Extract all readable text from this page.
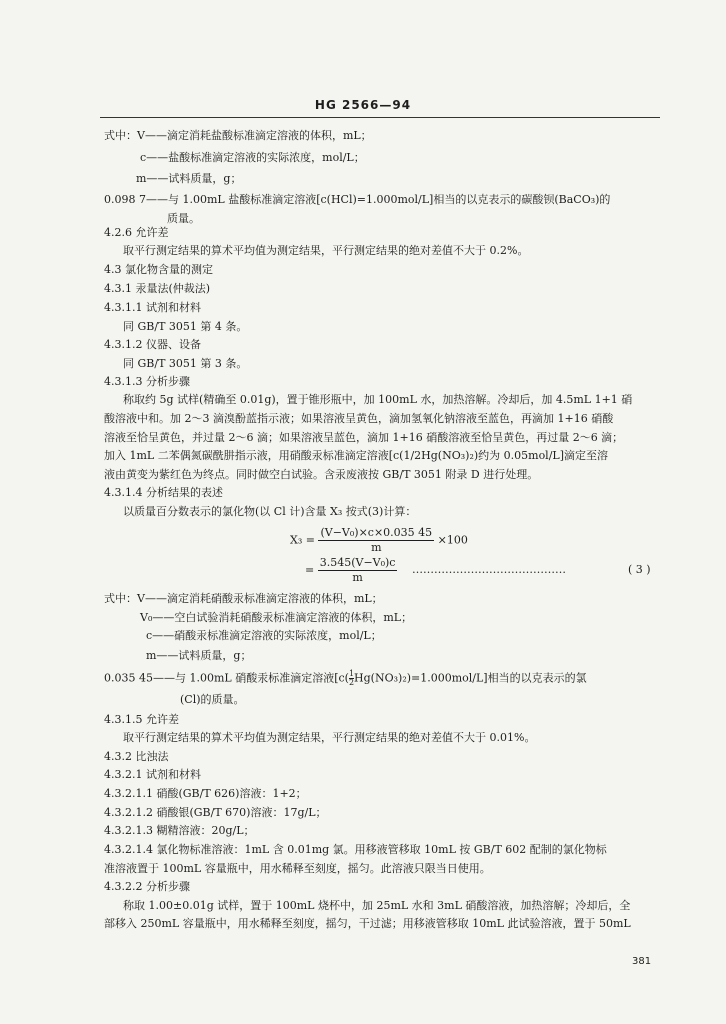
HG 2566—94
式中：V——滴定消耗盐酸标准滴定溶液的体积，mL；
c——盐酸标准滴定溶液的实际浓度，mol/L；
m——试料质量，g；
0.098 7——与 1.00mL 盐酸标准滴定溶液[c(HCl)=1.000mol/L]相当的以克表示的碳酸钡(BaCO₃)的
质量。
4.2.6 允许差
取平行测定结果的算术平均值为测定结果，平行测定结果的绝对差值不大于 0.2%。
4.3 氯化物含量的测定
4.3.1 汞量法(仲裁法)
4.3.1.1 试剂和材料
同 GB/T 3051 第 4 条。
4.3.1.2 仪器、设备
同 GB/T 3051 第 3 条。
4.3.1.3 分析步骤
称取约 5g 试样(精确至 0.01g)，置于锥形瓶中，加 100mL 水，加热溶解。冷却后，加 4.5mL 1+1 硝
酸溶液中和。加 2～3 滴溴酚蓝指示液；如果溶液呈黄色，滴加氢氧化钠溶液至蓝色，再滴加 1+16 硝酸
溶液至恰呈黄色，并过量 2～6 滴；如果溶液呈蓝色，滴加 1+16 硝酸溶液至恰呈黄色，再过量 2～6 滴；
加入 1mL 二苯偶氮碳酰肼指示液，用硝酸汞标准滴定溶液[c(1/2Hg(NO₃)₂)约为 0.05mol/L]滴定至溶
液由黄变为紫红色为终点。同时做空白试验。含汞废液按 GB/T 3051 附录 D 进行处理。
4.3.1.4 分析结果的表述
以质量百分数表示的氯化物(以 Cl 计)含量 X₃ 按式(3)计算：
$X_3 = \frac{\text{(V−V₀)×c×0.035 45}}{m} \times 100$
= $\frac{\text{3.545(V−V₀)c}}{m}$ ……………………………………	( 3 )
式中：V——滴定消耗硝酸汞标准滴定溶液的体积，mL；
V₀——空白试验消耗硝酸汞标准滴定溶液的体积，mL；
c——硝酸汞标准滴定溶液的实际浓度，mol/L；
m——试料质量，g；
0.035 45——与 1.00mL 硝酸汞标准滴定溶液$[c( \frac{1}{2} Hg(NO_3)_2)=1.000mol/L]$相当的以克表示的氯
(Cl)的质量。
4.3.1.5 允许差
取平行测定结果的算术平均值为测定结果，平行测定结果的绝对差值不大于 0.01%。
4.3.2 比浊法
4.3.2.1 试剂和材料
4.3.2.1.1 硝酸(GB/T 626)溶液：1+2；
4.3.2.1.2 硝酸银(GB/T 670)溶液：17g/L；
4.3.2.1.3 糊精溶液：20g/L；
4.3.2.1.4 氯化物标准溶液：1mL 含 0.01mg 氯。用移液管移取 10mL 按 GB/T 602 配制的氯化物标
准溶液置于 100mL 容量瓶中，用水稀释至刻度，摇匀。此溶液只限当日使用。
4.3.2.2 分析步骤
称取 1.00±0.01g 试样，置于 100mL 烧杯中，加 25mL 水和 3mL 硝酸溶液，加热溶解；冷却后，全
部移入 250mL 容量瓶中，用水稀释至刻度，摇匀，干过滤；用移液管移取 10mL 此试验溶液，置于 50mL
381
